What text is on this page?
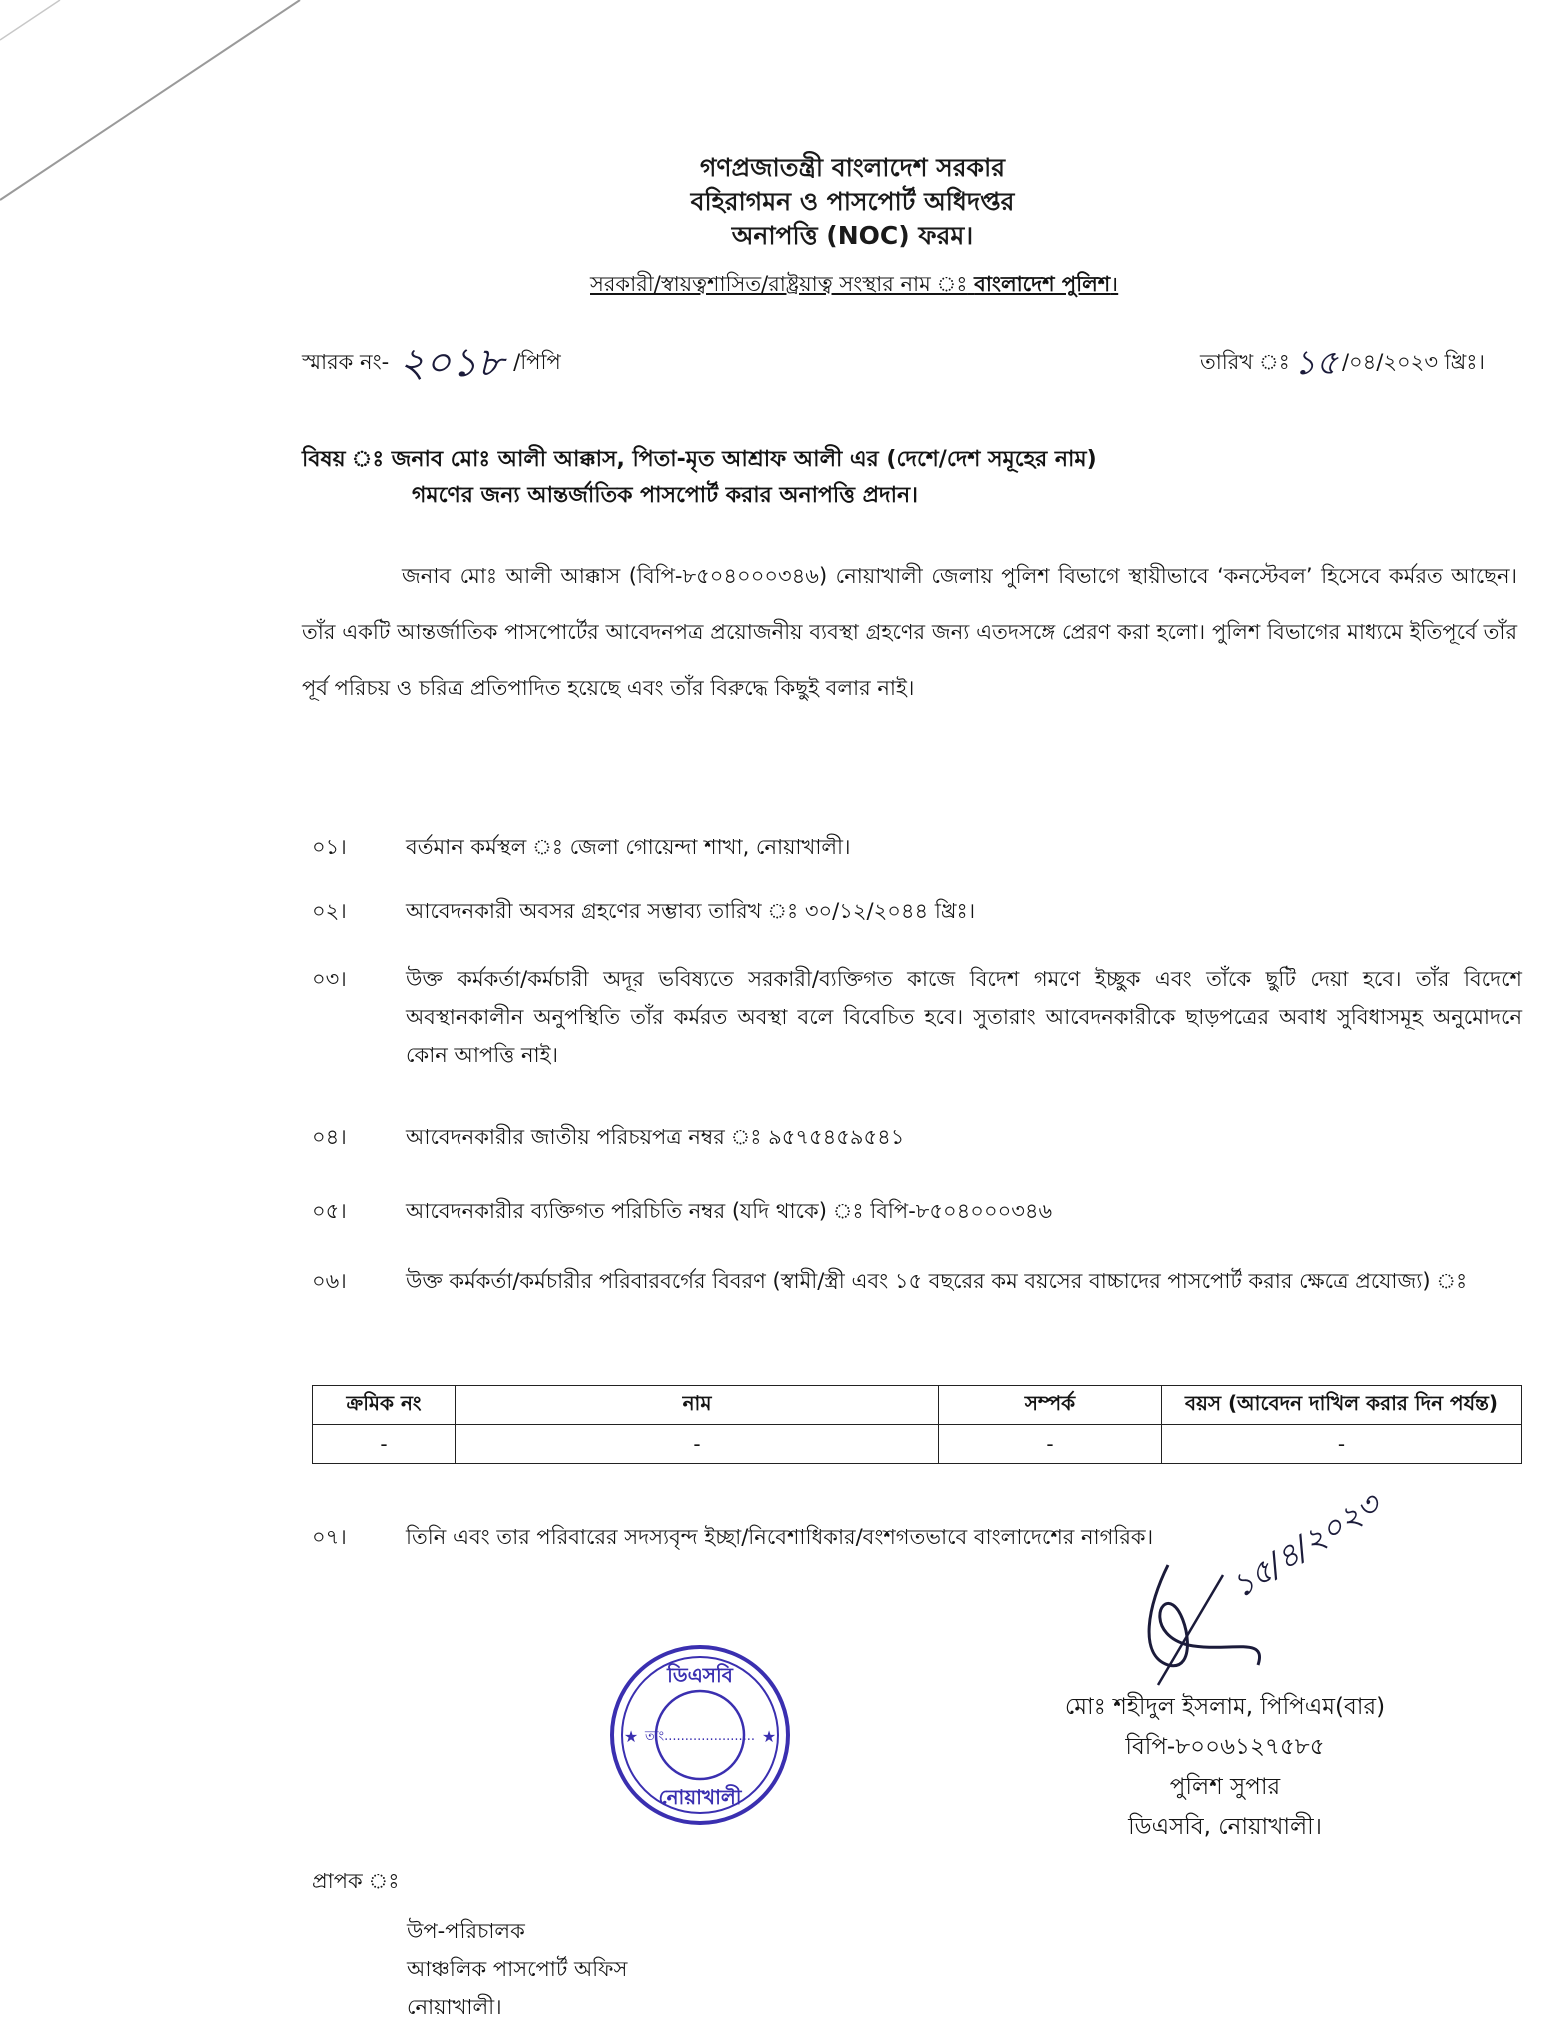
গণপ্রজাতন্ত্রী বাংলাদেশ সরকার
বহিরাগমন ও পাসপোর্ট অধিদপ্তর
অনাপত্তি (NOC) ফরম।
সরকারী/স্বায়ত্বশাসিত/রাষ্ট্রয়াত্ব সংস্থার নাম ঃ বাংলাদেশ পুলিশ।
স্মারক নং- ২০১৮ /পিপি	তারিখ ঃ ১৫ /০৪/২০২৩ খ্রিঃ।
বিষয় ঃ জনাব মোঃ আলী আক্কাস, পিতা-মৃত আশ্রাফ আলী এর (দেশে/দেশ সমূহের নাম)
গমণের জন্য আন্তর্জাতিক পাসপোর্ট করার অনাপত্তি প্রদান।
জনাব মোঃ আলী আক্কাস (বিপি-৮৫০৪০০০৩৪৬) নোয়াখালী জেলায় পুলিশ বিভাগে স্থায়ীভাবে ‘কনস্টেবল’ হিসেবে কর্মরত আছেন। তাঁর একটি আন্তর্জাতিক পাসপোর্টের আবেদনপত্র প্রয়োজনীয় ব্যবস্থা গ্রহণের জন্য এতদসঙ্গে প্রেরণ করা হলো। পুলিশ বিভাগের মাধ্যমে ইতিপূর্বে তাঁর পূর্ব পরিচয় ও চরিত্র প্রতিপাদিত হয়েছে এবং তাঁর বিরুদ্ধে কিছুই বলার নাই।
০১।	বর্তমান কর্মস্থল ঃ জেলা গোয়েন্দা শাখা, নোয়াখালী।
০২।	আবেদনকারী অবসর গ্রহণের সম্ভাব্য তারিখ ঃ ৩০/১২/২০৪৪ খ্রিঃ।
০৩।	উক্ত কর্মকর্তা/কর্মচারী অদূর ভবিষ্যতে সরকারী/ব্যক্তিগত কাজে বিদেশ গমণে ইচ্ছুক এবং তাঁকে ছুটি দেয়া হবে। তাঁর বিদেশে অবস্থানকালীন অনুপস্থিতি তাঁর কর্মরত অবস্থা বলে বিবেচিত হবে। সুতারাং আবেদনকারীকে ছাড়পত্রের অবাধ সুবিধাসমূহ অনুমোদনে কোন আপত্তি নাই।
০৪।	আবেদনকারীর জাতীয় পরিচয়পত্র নম্বর ঃ ৯৫৭৫৪৫৯৫৪১
০৫।	আবেদনকারীর ব্যক্তিগত পরিচিতি নম্বর (যদি থাকে) ঃ বিপি-৮৫০৪০০০৩৪৬
০৬।	উক্ত কর্মকর্তা/কর্মচারীর পরিবারবর্গের বিবরণ (স্বামী/স্ত্রী এবং ১৫ বছরের কম বয়সের বাচ্চাদের পাসপোর্ট করার ক্ষেত্রে প্রযোজ্য) ঃ
ক্রমিক নং	নাম	সম্পর্ক	বয়স (আবেদন দাখিল করার দিন পর্যন্ত)
-	-	-	-
০৭।	তিনি এবং তার পরিবারের সদস্যবৃন্দ ইচ্ছা/নিবেশাধিকার/বংশগতভাবে বাংলাদেশের নাগরিক।	১৫/৪/২০২৩
ডিএসবি
তাং......................
নোয়াখালী
★	★
মোঃ শহীদুল ইসলাম, পিপিএম(বার)
বিপি-৮০০৬১২৭৫৮৫
পুলিশ সুপার
ডিএসবি, নোয়াখালী।
প্রাপক ঃ
উপ-পরিচালক
আঞ্চলিক পাসপোর্ট অফিস
নোয়াখালী।
